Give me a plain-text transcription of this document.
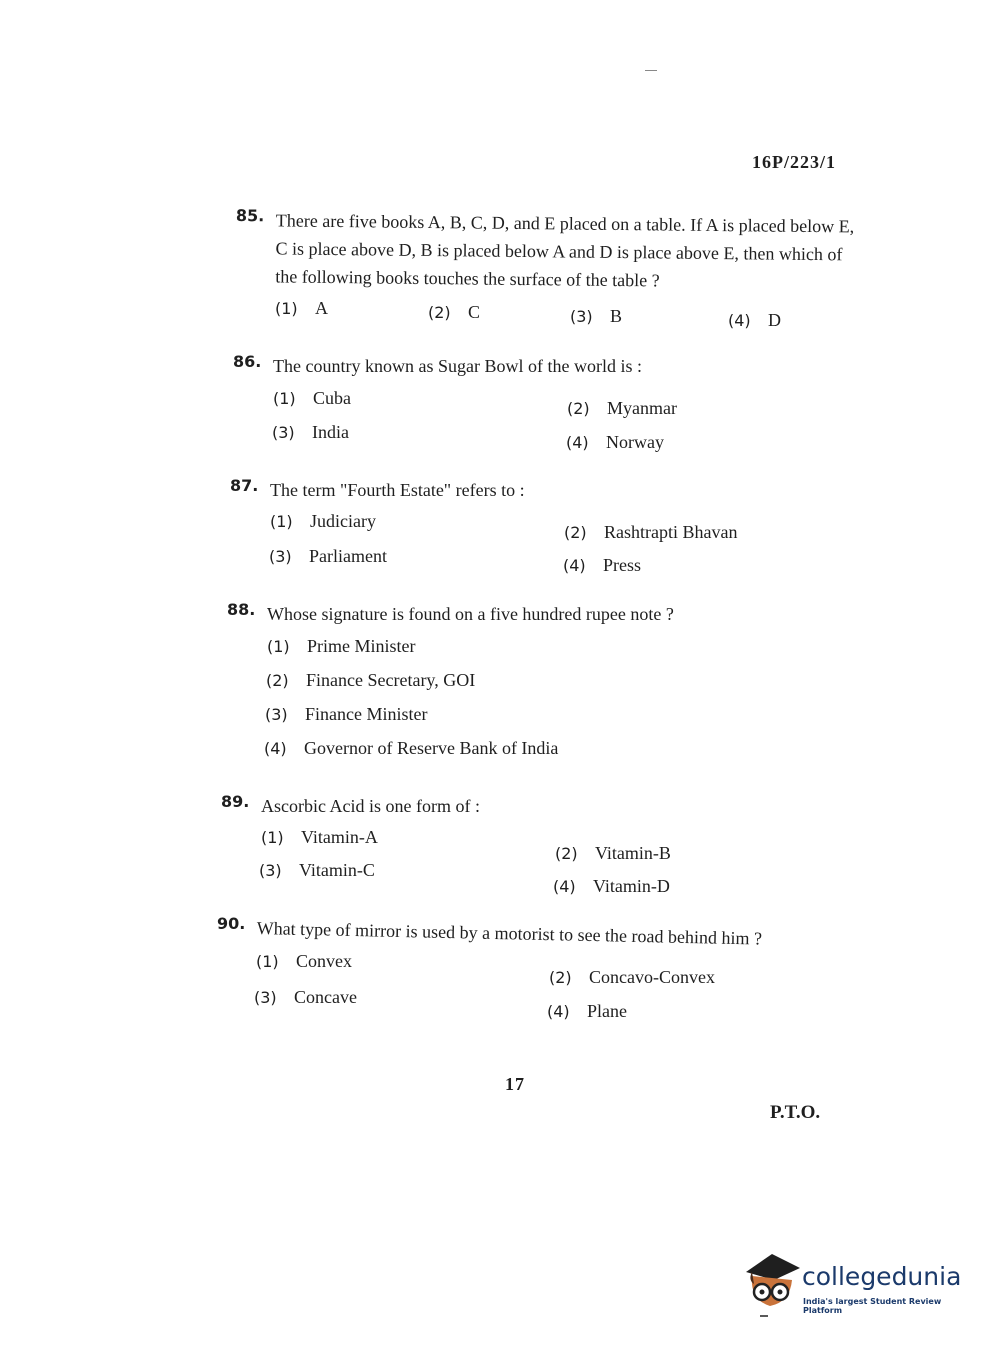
16P/223/1
85. There are five books A, B, C, D, and E placed on a table. If A is placed below E, C is place above D, B is placed below A and D is place above E, then which of the following books touches the surface of the table ?
(1) A	(2) C	(3) B	(4) D
86. The country known as Sugar Bowl of the world is :
(1) Cuba
(2) Myanmar
(3) India
(4) Norway
87. The term "Fourth Estate" refers to :
(1) Judiciary
(2) Rashtrapti Bhavan
(3) Parliament	(4) Press
88. Whose signature is found on a five hundred rupee note ?
(1) Prime Minister
(2) Finance Secretary, GOI
(3) Finance Minister
(4) Governor of Reserve Bank of India
89. Ascorbic Acid is one form of :
(1) Vitamin-A
(2) Vitamin-B
(3) Vitamin-C
(4) Vitamin-D
90. What type of mirror is used by a motorist to see the road behind him ?
(1) Convex
(2) Concavo-Convex
(3) Concave
(4) Plane
17
P.T.O.
collegedunia
India's largest Student Review Platform
